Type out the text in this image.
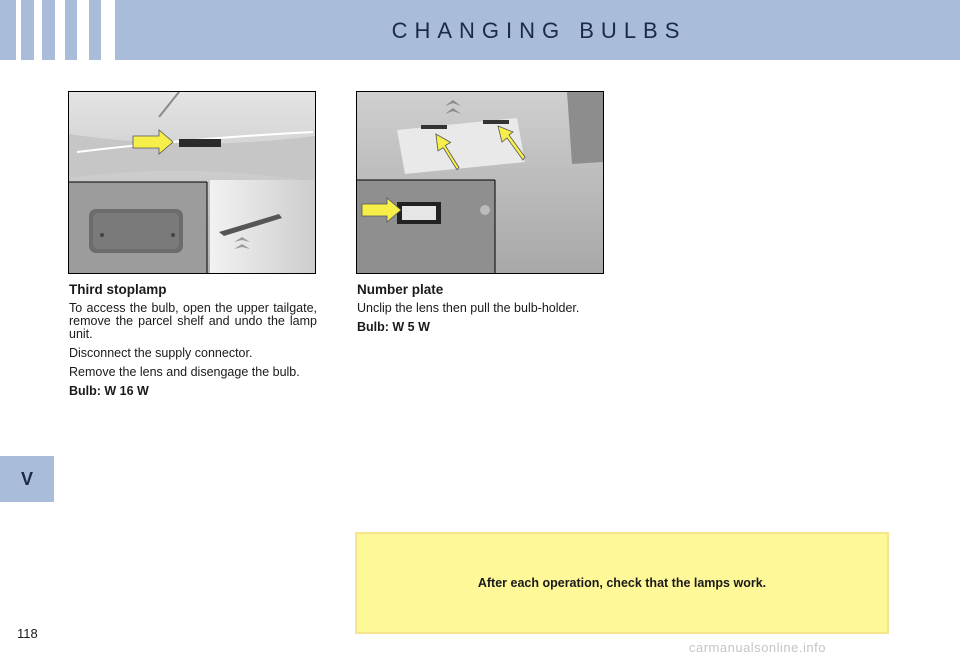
CHANGING BULBS
V
Third stoplamp

To access the bulb, open the upper tailgate, remove the parcel shelf and undo the lamp unit.

Disconnect the supply connector.

Remove the lens and disengage the bulb.

Bulb: W 16 W

Number plate

Unclip the lens then pull the bulb-holder.

Bulb: W 5 W

After each operation, check that the lamps work.
118
carmanualsonline.info
